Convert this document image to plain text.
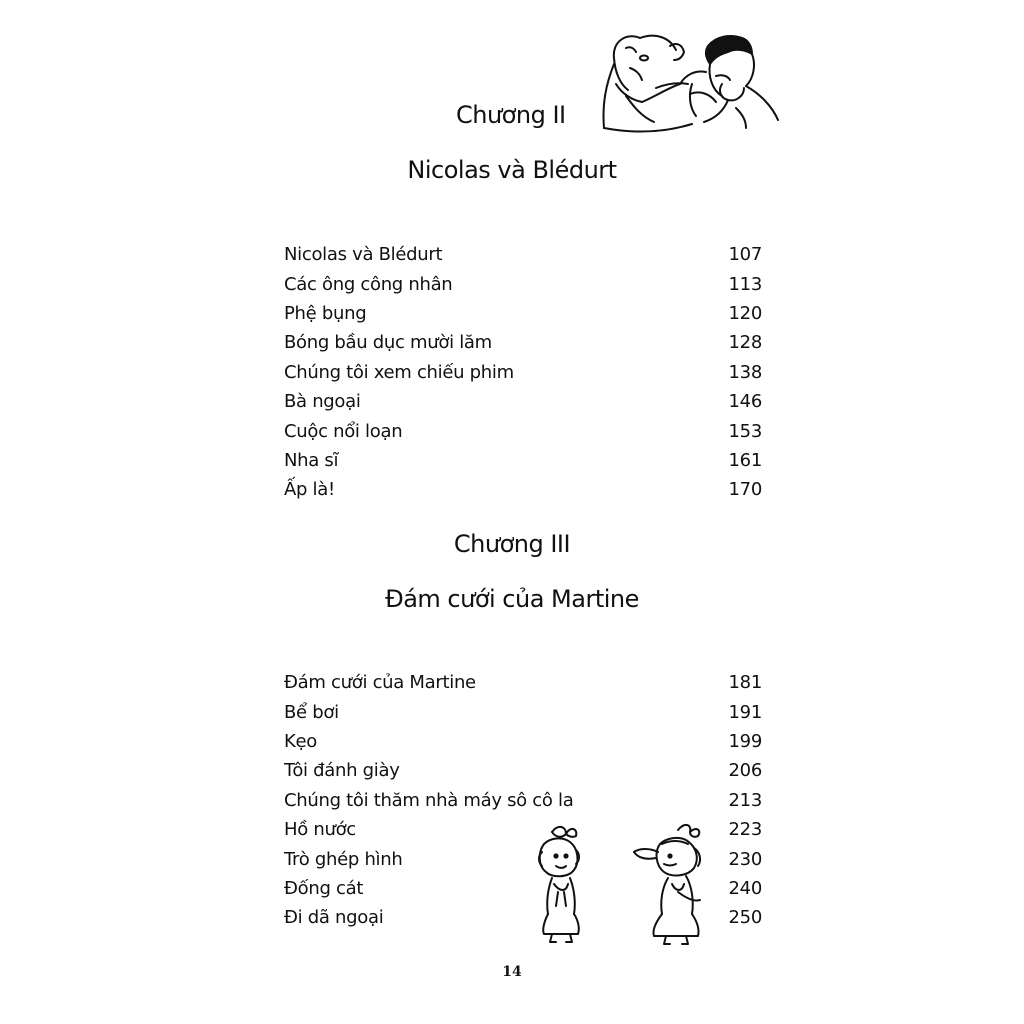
Chương II
Nicolas và Blédurt
Nicolas và Blédurt	107
Các ông công nhân	113
Phệ bụng	120
Bóng bầu dục mười lăm	128
Chúng tôi xem chiếu phim	138
Bà ngoại	146
Cuộc nổi loạn	153
Nha sĩ	161
Ấp là!	170
Chương III
Đám cưới của Martine
Đám cưới của Martine	181
Bể bơi	191
Kẹo	199
Tôi đánh giày	206
Chúng tôi thăm nhà máy sô cô la	213
Hồ nước	223
Trò ghép hình	230
Đống cát	240
Đi dã ngoại	250
14
